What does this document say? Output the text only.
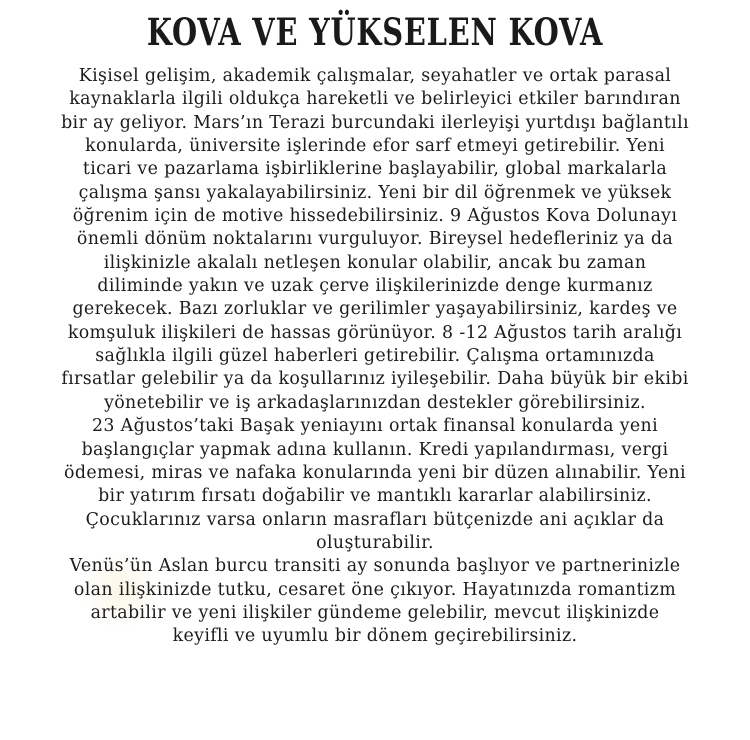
KOVA VE YÜKSELEN KOVA
Kişisel gelişim, akademik çalışmalar, seyahatler ve ortak parasal
kaynaklarla ilgili oldukça hareketli ve belirleyici etkiler barındıran
bir ay geliyor. Mars’ın Terazi burcundaki ilerleyişi yurtdışı bağlantılı
konularda, üniversite işlerinde efor sarf etmeyi getirebilir. Yeni
ticari ve pazarlama işbirliklerine başlayabilir, global markalarla
çalışma şansı yakalayabilirsiniz. Yeni bir dil öğrenmek ve yüksek
öğrenim için de motive hissedebilirsiniz. 9 Ağustos Kova Dolunayı
önemli dönüm noktalarını vurguluyor. Bireysel hedefleriniz ya da
ilişkinizle akalalı netleşen konular olabilir, ancak bu zaman
diliminde yakın ve uzak çerve ilişkilerinizde denge kurmanız
gerekecek. Bazı zorluklar ve gerilimler yaşayabilirsiniz, kardeş ve
komşuluk ilişkileri de hassas görünüyor. 8 -12 Ağustos tarih aralığı
sağlıkla ilgili güzel haberleri getirebilir. Çalışma ortamınızda
fırsatlar gelebilir ya da koşullarınız iyileşebilir. Daha büyük bir ekibi
yönetebilir ve iş arkadaşlarınızdan destekler görebilirsiniz.
23 Ağustos’taki Başak yeniayını ortak finansal konularda yeni
başlangıçlar yapmak adına kullanın. Kredi yapılandırması, vergi
ödemesi, miras ve nafaka konularında yeni bir düzen alınabilir. Yeni
bir yatırım fırsatı doğabilir ve mantıklı kararlar alabilirsiniz.
Çocuklarınız varsa onların masrafları bütçenizde ani açıklar da
oluşturabilir.
Venüs’ün Aslan burcu transiti ay sonunda başlıyor ve partnerinizle
olan ilişkinizde tutku, cesaret öne çıkıyor. Hayatınızda romantizm
artabilir ve yeni ilişkiler gündeme gelebilir, mevcut ilişkinizde
keyifli ve uyumlu bir dönem geçirebilirsiniz.
